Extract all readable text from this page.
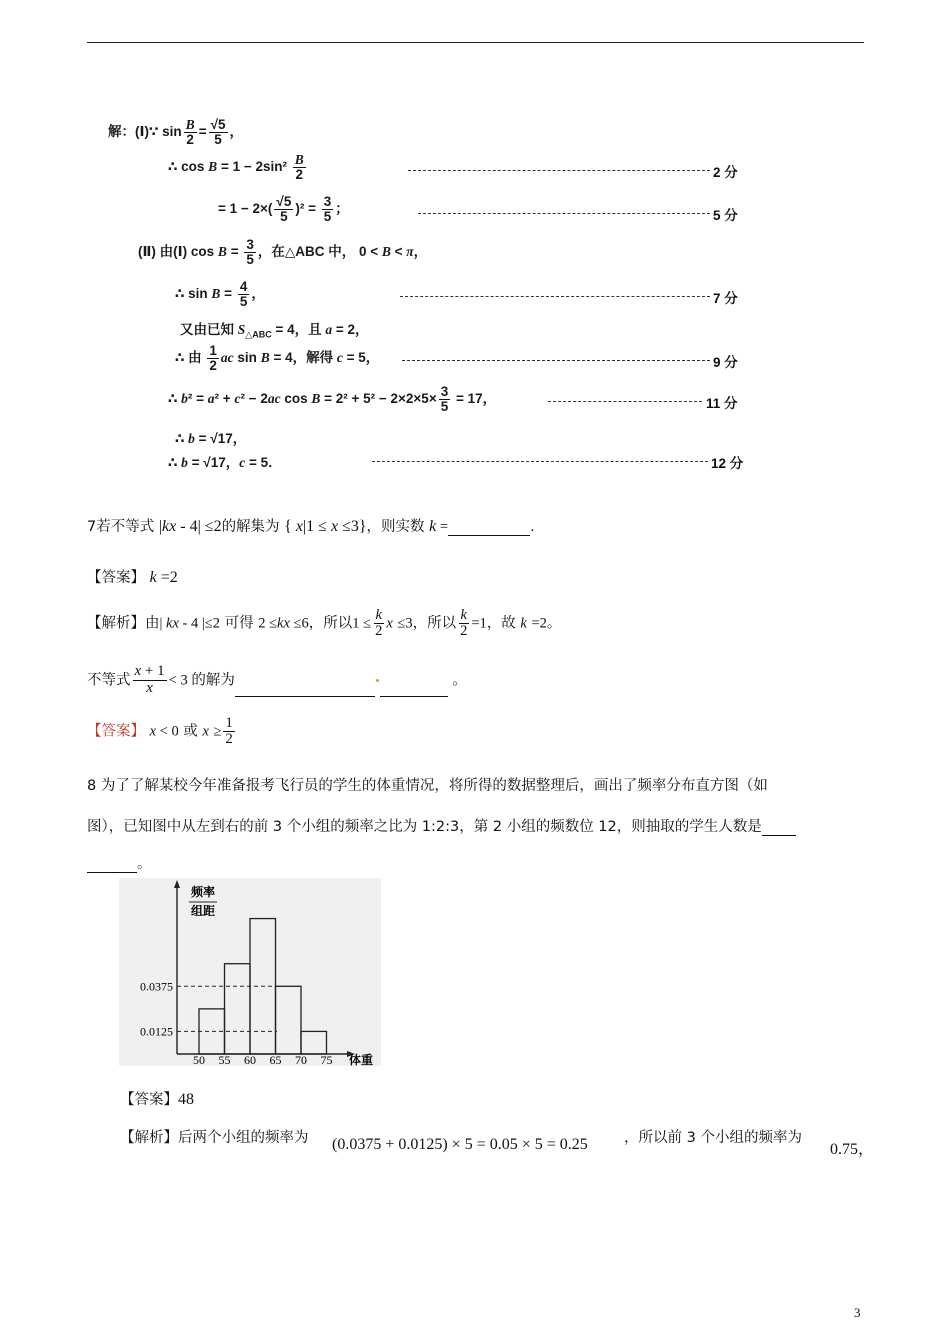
解：(Ⅰ)∵ $\sin \frac{B}{2} = \frac{√5}{5}$ ，
∴ $\cos B = 1 - 2\sin^2 \frac{B}{2}$
= $1 - 2\times( \frac{√5}{5} )^2 = \frac{3}{5}$ ；
(Ⅱ) 由(Ⅰ) $\cos B = \frac{3}{5}$ ，在△ABC 中， 0 < B < π，
∴ $\sin B = \frac{4}{5}$ ，
又由已知 $S_{\triangle ABC} = 4$，且 a = 2，
∴ 由 $\frac{1}{2}$ ac sin B = 4，解得 c = 5，
∴ b² = a² + c² − 2ac $\cos B = 2^2 + 5^2 - 2\times 2\times 5\times \frac{3}{5} = 17$，
∴ b = √17，
∴ b = √17，c = 5．
2 分
5 分
7 分
9 分
11 分
12 分
7若不等式 |kx - 4| ≤2的解集为 { x|1 ≤ x ≤3}，则实数 k =	.
【答案】 k =2
【解析】由| kx - 4 |≤2 可得 2 ≤kx ≤6，所以$1 \le \frac{k}{2}$ x ≤3，所以 $\frac{k}{2} =1$，故 k =2。
不等式 $\frac{x + 1}{x} < 3$ 的解为	。
【答案】 x < 0 或 $x \ge \frac{1}{2}$
8 为了了解某校今年准备报考飞行员的学生的体重情况，将所得的数据整理后，画出了频率分布直方图（如
图），已知图中从左到右的前 3 个小组的频率之比为 1:2:3，第 2 小组的频数位 12，则抽取的学生人数是
。
0.0125
0.0375
50 55 60 65 70 75
频率
组距
体重
【答案】48
【解析】后两个小组的频率为 (0.0375 + 0.0125) × 5 = 0.05 × 5 = 0.25 ，所以前 3 个小组的频率为
0.75，
3
